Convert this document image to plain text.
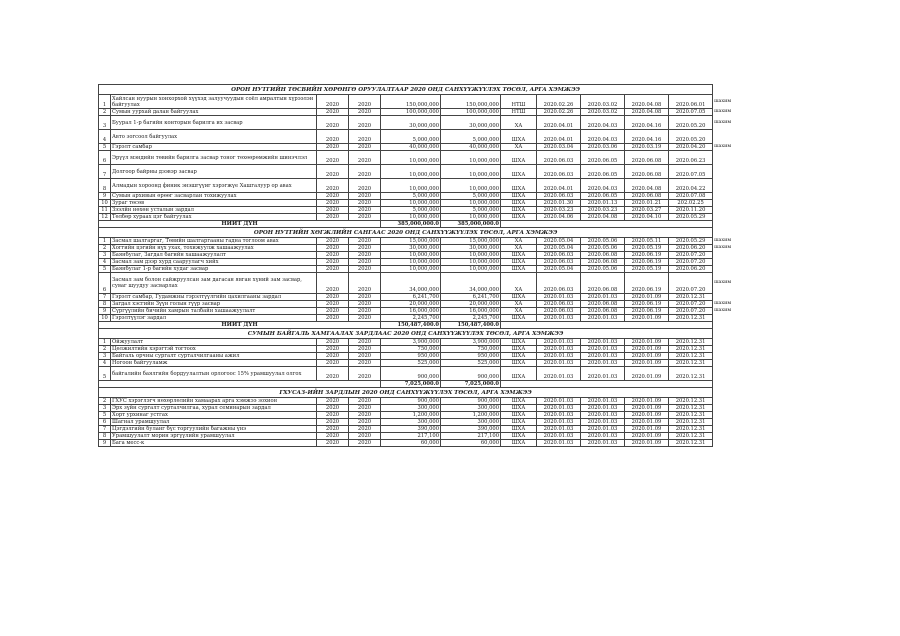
ОРОН НУТГИЙН ТӨСВИЙН ХӨРӨНГӨ ОРУУЛАЛТААР 2020 ОНД САНХҮҮЖҮҮЛЭХ ТӨСӨЛ, АРГА ХЭМЖЭЭ											
1	Хайлсан нуурын хонхорхой хүүхэд залуучуудын соёл амралтын хүрээлэн байгуулах	2020	2020	150,000,000	150,000,000	НТШ	2020.02.26	2020.03.02	2020.04.08	2020.06.01	шахим
2	Сумын уурхай далан байгуулах	2020	2020	100,000,000	100,000,000	НТШ	2020.02.26	2020.03.02	2020.04.08	2020.07.05	шахим
3	Буурал 1-р багийн конторын барилга их засвар	2020	2020	30,000,000	30,000,000	ХА	2020.04.01	2020.04.03	2020.04.16	2020.05.20	шахим
4	Авто зогсоол байгуулах	2020	2020	5,000,000	5,000,000	ШХА	2020.04.01	2020.04.03	2020.04.16	2020.05.20	
5	Гэрэлт самбар	2020	2020	40,000,000	40,000,000	ХА	2020.03.04	2020.03.06	2020.03.19	2020.04.20	шахим
6	Эрүүл мэндийн төвийн барилга засвар тоног төхөөрөмжийн шинэчлэл	2020	2020	10,000,000	10,000,000	ШХА	2020.06.03	2020.06.05	2020.06.08	2020.06.23	
7	Долгоор байрны дээвэр засвар	2020	2020	10,000,000	10,000,000	ШХА	2020.06.03	2020.06.05	2020.06.08	2020.07.05	
8	Алмадын хороонд финик энэшгүүиг хэрэгжүе Хашгалуур ор авах	2020	2020	10,000,000	10,000,000	ШХА	2020.04.01	2020.04.03	2020.04.08	2020.04.22	
9	Сумын архивын өрөөг засварлан тохижуулах	2020	2020	5,000,000	5,000,000	ШХА	2020.06.03	2020.06.05	2020.06.08	2020.07.08	
10	Зураг төсөв	2020	2020	10,000,000	10,000,000	ШХА	2020.01.30	2020.01.13	2020.01.21	202.02.25	
11	Зээлйн нөхөн усталын зардал	2020	2020	5,000,000	5,000,000	ШХА	2020.03.23	2020.03.23	2020.03.27	2020.11.20	
12	Төлбөр хураах цэг байгуулах	2020	2020	10,000,000	10,000,000	ШХА	2020.04.06	2020.04.08	2020.04.10	2020.05.29	
НИЙТ ДҮН				385,000,000.0	385,000,000.0						
ОРОН НУТГИЙН ХӨГЖЛИЙН САНГААС 2020 ОНД САНХҮҮЖҮҮЛЭХ ТӨСӨЛ, АРГА ХЭМЖЭЭ											
1	Засмал шалгаргаг, Төвийн шалгаргааны гадна тоглоом авах	2020	2020	15,000,000	15,000,000	ХА	2020.05.04	2020.05.06	2020.05.11	2020.05.29	шахим
2	Хоггийн цэгийн нүх ухах, тохижуулж хашаажуулах	2020	2020	30,000,000	30,000,000	ХА	2020.05.04	2020.05.06	2020.05.19	2020.06.20	шахим
3	Баянбулаг, Загдал багийн хашаажуулалт	2020	2020	10,000,000	10,000,000	ШХА	2020.06.03	2020.06.08	2020.06.19	2020.07.20	
4	Засмал зам дээр хурд сааруулагч хийх	2020	2020	10,000,000	10,000,000	ШХА	2020.06.03	2020.06.08	2020.06.19	2020.07.20	
5	Баянбулаг 1-р багийн худаг засвар	2020	2020	10,000,000	10,000,000	ШХА	2020.05.04	2020.05.06	2020.05.19	2020.06.20	
6	Засмал зам болон сайжруулсан зам дагасан явган хүний зам засвар, суваг шуудуу засварлах	2020	2020	34,000,000	34,000,000	ХА	2020.06.03	2020.06.08	2020.06.19	2020.07.20	шахим
7	Гэрэлт самбар, Гудамжны гэрэлтүүлгийн цахилгааны зардал	2020	2020	6,241,700	6,241,700	ШХА	2020.01.03	2020.01.03	2020.01.09	2020.12.31	
8	Загдал хэсгийн Зүүн голын гүүр засвар	2020	2020	20,000,000	20,000,000	ХА	2020.06.03	2020.06.08	2020.06.19	2020.07.20	шахим
9	Сүргүүлийн бичийн хамрын талбайн хашаажуулалт	2020	2020	16,000,000	16,000,000	ХА	2020.06.03	2020.06.08	2020.06.19	2020.07.20	шахим
10	Гэрэлтүүлэг зардал	2020	2020	2,245,700	2,245,700	ШХА	2020.01.03	2020.01.03	2020.01.09	2020.12.31	
НИЙТ ДҮН				150,487,400.0	150,487,400.0						
СУМЫН БАЙГАЛЬ ХАМГААЛАХ ЗАРДЛААС 2020 ОНД САНХҮҮЖҮҮЛЭХ ТӨСӨЛ, АРГА ХЭМЖЭЭ											
1	Ойжуулалт	2020	2020	3,900,000	3,900,000	ШХА	2020.01.03	2020.01.03	2020.01.09	2020.12.31	
2	Цөлжилтийн хэрэгтэй тогтоох	2020	2020	750,000	750,000	ШХА	2020.01.03	2020.01.03	2020.01.09	2020.12.31	
3	Байгаль орчны сургалт сурталчилгааны ажил	2020	2020	950,000	950,000	ШХА	2020.01.03	2020.01.03	2020.01.09	2020.12.31	
4	Ногоон байгууламж	2020	2020	525,000	525,000	ШХА	2020.01.03	2020.01.03	2020.01.09	2020.12.31	
5	байгалийн баялгийн бордуулалтын орлогоос 15% урамшуулал олгох	2020	2020	900,000	900,000	ШХА	2020.01.03	2020.01.03	2020.01.09	2020.12.31	
				7,025,000.0	7,025,000.0						
ГХУСАЗ-ИЙН ЗАРДЛЫН 2020 ОНД САНХҮҮЖҮҮЛЭХ ТӨСӨЛ, АРГА ХЭМЖЭЭ											
2	ГХУС хэрэглэгч нөхөрлөлийн хамаарах арга хэмжээ зохион	2020	2020	900,000	900,000	ШХА	2020.01.03	2020.01.03	2020.01.09	2020.12.31	
3	Эрх зүйн сургалт сурталчилгаа, хурал семинарын зардал	2020	2020	300,000	300,000	ШХА	2020.01.03	2020.01.03	2020.01.09	2020.12.31	
5	Хорт урхинаг устгах	2020	2020	1,200,000	1,200,000	ШХА	2020.01.03	2020.01.03	2020.01.09	2020.12.31	
6	Шагнал урамшуулал	2020	2020	300,000	300,000	ШХА	2020.01.03	2020.01.03	2020.01.09	2020.12.31	
7	Цэгдэлгийн буланг бүс торгуулийн багажны үнэ	2020	2020	390,000	390,000	ШХА	2020.01.03	2020.01.03	2020.01.09	2020.12.31	
8	Урамшуулалт морин эргүүлийн урамшуулал	2020	2020	217,100	217,100	ШХА	2020.01.03	2020.01.03	2020.01.09	2020.12.31	
9	Бага месс-к	2020	2020	60,000	60,000	ШХА	2020.01.03	2020.01.03	2020.01.09	2020.12.31	
